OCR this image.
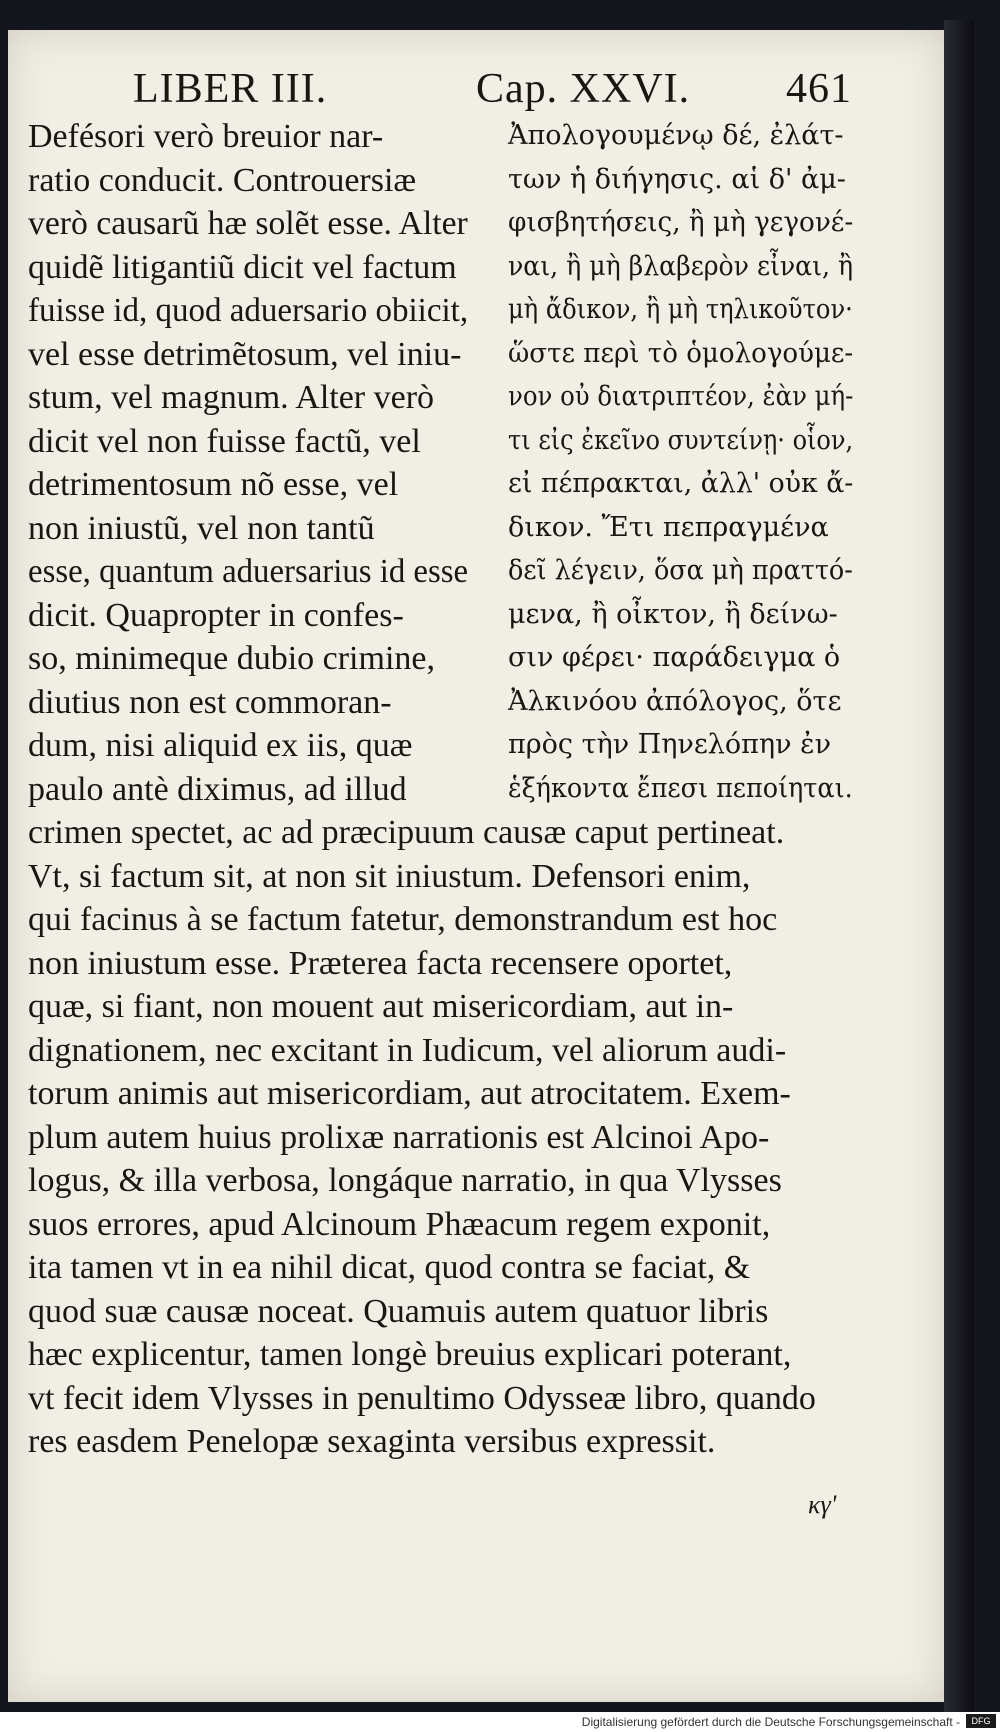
LIBER III.	Cap. XXVI. 461
Defésori verò breuior nar-
ratio conducit. Controuersiæ
verò causarũ hæ solẽt esse. Alter
quidẽ litigantiũ dicit vel factum
fuisse id, quod aduersario obiicit,
vel esse detrimẽtosum, vel iniu-
stum, vel magnum. Alter verò
dicit vel non fuisse factũ, vel
detrimentosum nõ esse, vel
non iniustũ, vel non tantũ
esse, quantum aduersarius id esse
dicit. Quapropter in confes-
so, minimeque dubio crimine,
diutius non est commoran-
dum, nisi aliquid ex iis, quæ
paulo antè diximus, ad illud
Ἀπολογουμένῳ δέ, ἐλάτ-
των ἡ διήγησις. αἱ δ' ἀμ-
φισβητήσεις, ἢ μὴ γεγονέ-
ναι, ἢ μὴ βλαβερὸν εἶναι, ἢ
μὴ ἄδικον, ἢ μὴ τηλικοῦτον·
ὥστε περὶ τὸ ὁμολογούμε-
νον οὐ διατριπτέον, ἐὰν μή-
τι εἰς ἐκεῖνο συντείνῃ· οἷον,
εἰ πέπρακται, ἀλλ' οὐκ ἄ-
δικον. Ἔτι πεπραγμένα
δεῖ λέγειν, ὅσα μὴ πραττό-
μενα, ἢ οἶκτον, ἢ δείνω-
σιν φέρει· παράδειγμα ὁ
Ἀλκινόου ἀπόλογος, ὅτε
πρὸς τὴν Πηνελόπην ἐν
ἑξήκοντα ἔπεσι πεποίηται.
crimen spectet, ac ad præcipuum causæ caput pertineat.
Vt, si factum sit, at non sit iniustum. Defensori enim,
qui facinus à se factum fatetur, demonstrandum est hoc
non iniustum esse. Præterea facta recensere oportet,
quæ, si fiant, non mouent aut misericordiam, aut in-
dignationem, nec excitant in Iudicum, vel aliorum audi-
torum animis aut misericordiam, aut atrocitatem. Exem-
plum autem huius prolixæ narrationis est Alcinoi Apo-
logus, & illa verbosa, longáque narratio, in qua Vlysses
suos errores, apud Alcinoum Phæacum regem exponit,
ita tamen vt in ea nihil dicat, quod contra se faciat, &
quod suæ causæ noceat. Quamuis autem quatuor libris
hæc explicentur, tamen longè breuius explicari poterant,
vt fecit idem Vlysses in penultimo Odysseæ libro, quando
res easdem Penelopæ sexaginta versibus expressit.
κγ'
Digitalisierung gefördert durch die Deutsche Forschungsgemeinschaft -	DFG
